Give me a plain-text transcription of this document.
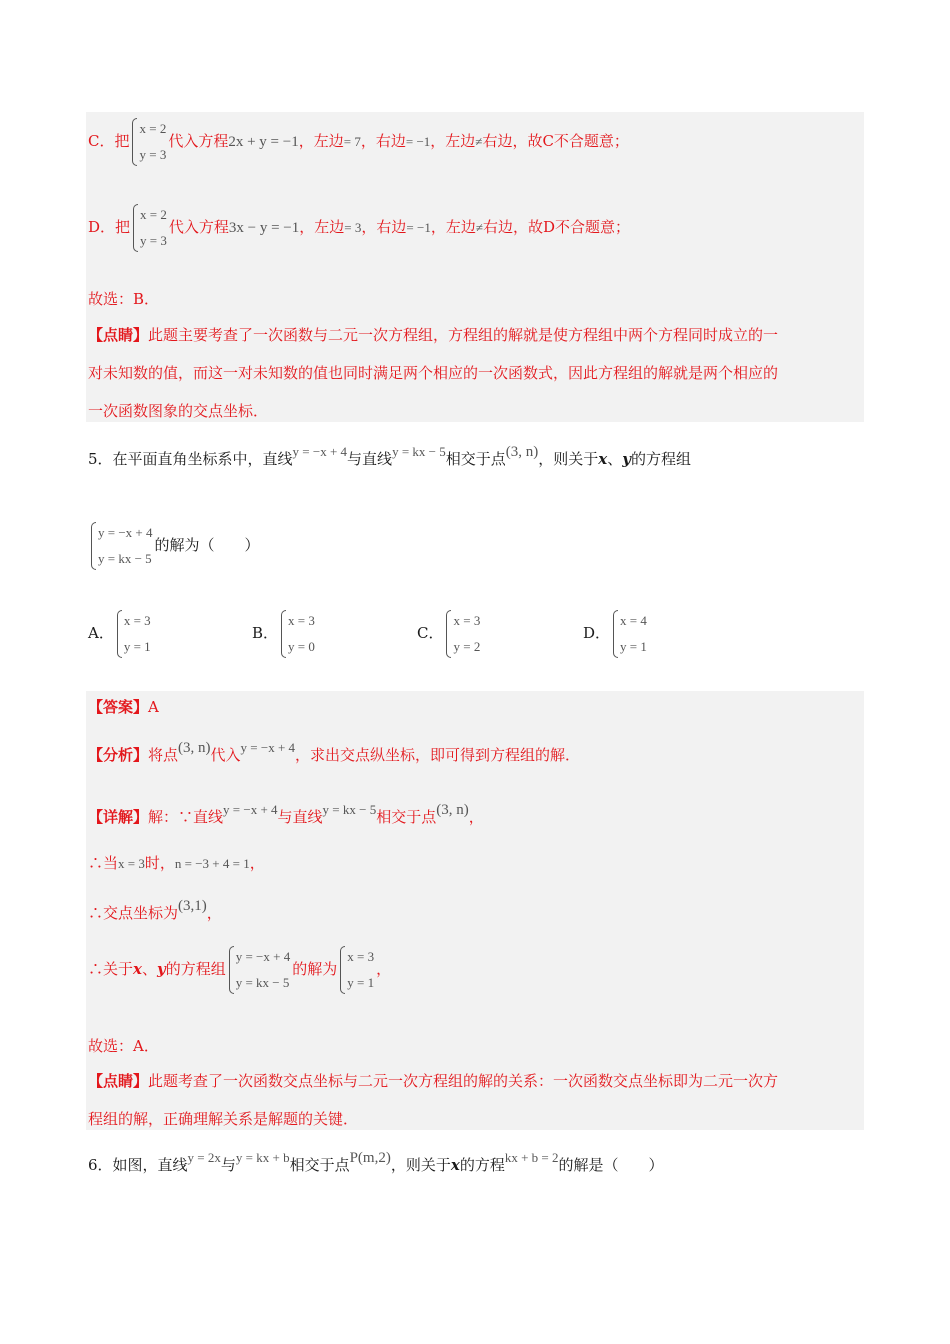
C．把
x = 2
y = 3
代入方程2x + y = −1，左边= 7，右边= −1，左边≠右边，故C不合题意；
D．把
x = 2
y = 3
代入方程3x − y = −1，左边= 3，右边= −1，左边≠右边，故D不合题意；
故选：B．
【点睛】此题主要考查了一次函数与二元一次方程组，方程组的解就是使方程组中两个方程同时成立的一
对未知数的值，而这一对未知数的值也同时满足两个相应的一次函数式，因此方程组的解就是两个相应的
一次函数图象的交点坐标．
5．在平面直角坐标系中，直线y = −x + 4与直线y = kx − 5相交于点(3, n)，则关于x、y的方程组
y = −x + 4
y = kx − 5
的解为（　　）
A．
x = 3
y = 1
B．
x = 3
y = 0
C．
x = 3
y = 2
D．
x = 4
y = 1
【答案】A
【分析】将点(3, n)代入y = −x + 4，求出交点纵坐标，即可得到方程组的解．
【详解】解：∵直线y = −x + 4与直线y = kx − 5相交于点(3, n)，
∴当x = 3时，n = −3 + 4 = 1，
∴交点坐标为(3,1)，
∴关于x、y的方程组
y = −x + 4
y = kx − 5
的解为
x = 3
y = 1
，
故选：A．
【点睛】此题考查了一次函数交点坐标与二元一次方程组的解的关系：一次函数交点坐标即为二元一次方
程组的解，正确理解关系是解题的关键．
6．如图，直线y = 2x与y = kx + b相交于点P(m,2)，则关于x的方程kx + b = 2的解是（　　）
